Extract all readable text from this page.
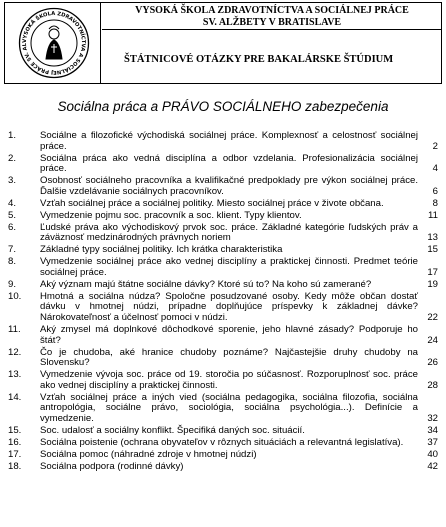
VYSOKÁ ŠKOLA ZDRAVOTNÍCTVA A SOCIÁLNEJ PRÁCE SV. AL
VYSOKÁ ŠKOLA ZDRAVOTNÍCTVA A SOCIÁLNEJ PRÁCE
SV. ALŽBETY V BRATISLAVE
ŠTÁTNICOVÉ OTÁZKY PRE BAKALÁRSKE ŠTÚDIUM
Sociálna práca a PRÁVO SOCIÁLNEHO zabezpečenia
1.	Sociálne a filozofické východiská sociálnej práce. Komplexnosť a celostnosť sociálnej práce.	2
2.	Sociálna práca ako vedná disciplína a odbor vzdelania. Profesionalizácia sociálnej práce.	4
3.	Osobnosť sociálneho pracovníka a kvalifikačné predpoklady pre výkon sociálnej práce. Ďalšie vzdelávanie sociálnych pracovníkov.	6
4.	Vzťah sociálnej práce a sociálnej politiky. Miesto sociálnej práce v živote občana.	8
5.	Vymedzenie pojmu soc. pracovník a soc. klient. Typy klientov.	11
6.	Ľudské práva ako východiskový prvok soc. práce. Základné kategórie ľudských práv a záväznosť medzinárodných právnych noriem	13
7.	Základné typy sociálnej politiky. Ich krátka charakteristika	15
8.	Vymedzenie sociálnej práce ako vednej disciplíny a praktickej činnosti. Predmet teórie sociálnej práce.	17
9.	Aký význam majú štátne sociálne dávky? Ktoré sú to? Na koho sú zamerané?	19
10.	Hmotná a sociálna núdza? Spoločne posudzované osoby. Kedy môže občan dostať dávku v hmotnej núdzi, prípadne doplňujúce príspevky k základnej dávke? Nárokovateľnosť a účelnosť pomoci v núdzi.	22
11.	Aký zmysel má doplnkové dôchodkové sporenie, jeho hlavné zásady? Podporuje ho štát?	24
12.	Čo je chudoba, aké hranice chudoby poznáme? Najčastejšie druhy chudoby na Slovensku?	26
13.	Vymedzenie vývoja soc. práce od 19. storočia po súčasnosť. Rozporuplnosť soc. práce ako vednej disciplíny a praktickej činnosti.	28
14.	Vzťah sociálnej práce a iných vied (sociálna pedagogika, sociálna filozofia, sociálna antropológia, sociálne právo, sociológia, sociálna psychológia...). Definície a vymedzenie.	32
15.	Soc. udalosť a sociálny konflikt. Špecifiká daných soc. situácií.	34
16.	Sociálna poistenie (ochrana obyvateľov v rôznych situáciách a relevantná legislatíva).	37
17.	Sociálna pomoc (náhradné zdroje v hmotnej núdzi)	40
18.	Sociálna podpora (rodinné dávky)	42
